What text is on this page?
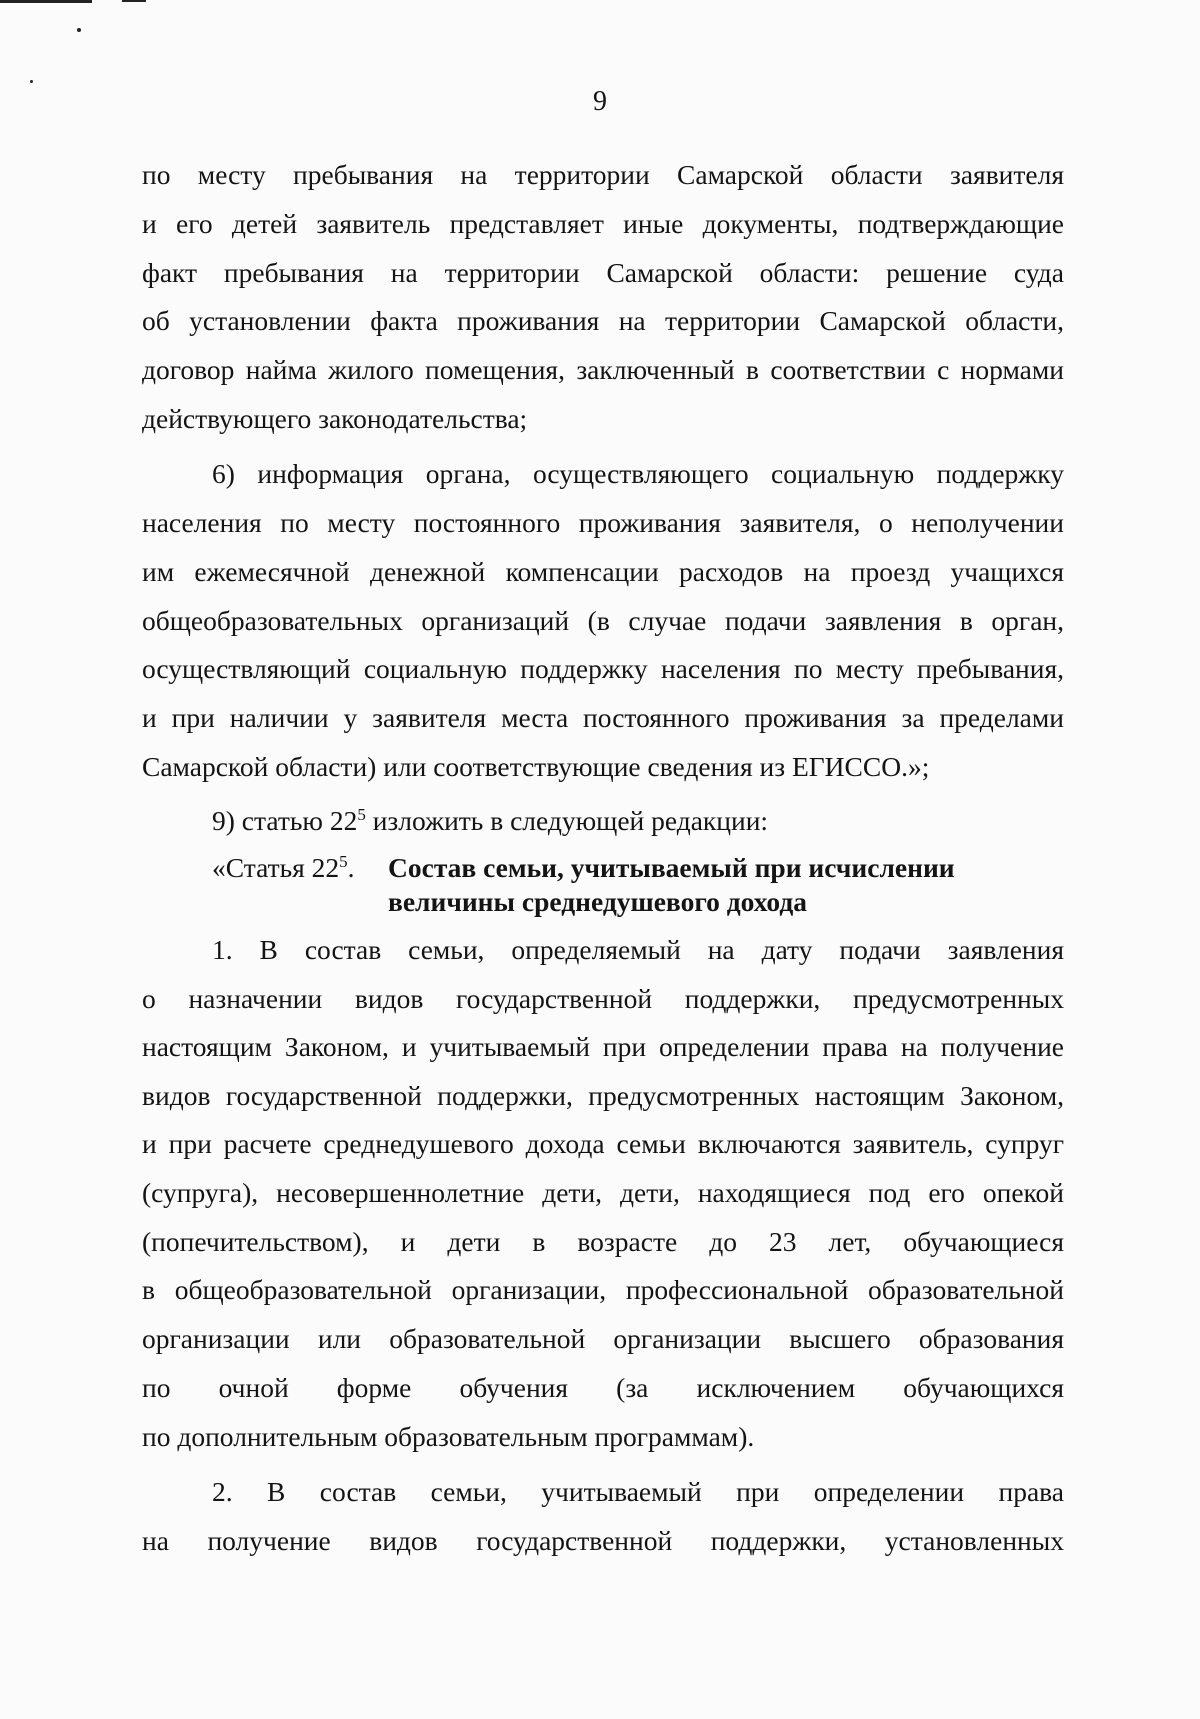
9
по месту пребывания на территории Самарской области заявителя
и его детей заявитель представляет иные документы, подтверждающие
факт пребывания на территории Самарской области: решение суда
об установлении факта проживания на территории Самарской области,
договор найма жилого помещения, заключенный в соответствии с нормами
действующего законодательства;
6) информация органа, осуществляющего социальную поддержку
населения по месту постоянного проживания заявителя, о неполучении
им ежемесячной денежной компенсации расходов на проезд учащихся
общеобразовательных организаций (в случае подачи заявления в орган,
осуществляющий социальную поддержку населения по месту пребывания,
и при наличии у заявителя места постоянного проживания за пределами
Самарской области) или соответствующие сведения из ЕГИССО.»;
9) статью $22^5$ изложить в следующей редакции:
«Статья $22^5$. Состав семьи, учитываемый при исчислении
величины среднедушевого дохода
1. В состав семьи, определяемый на дату подачи заявления
о назначении видов государственной поддержки, предусмотренных
настоящим Законом, и учитываемый при определении права на получение
видов государственной поддержки, предусмотренных настоящим Законом,
и при расчете среднедушевого дохода семьи включаются заявитель, супруг
(супруга), несовершеннолетние дети, дети, находящиеся под его опекой
(попечительством), и дети в возрасте до 23 лет, обучающиеся
в общеобразовательной организации, профессиональной образовательной
организации или образовательной организации высшего образования
по очной форме обучения (за исключением обучающихся
по дополнительным образовательным программам).
2. В состав семьи, учитываемый при определении права
на получение видов государственной поддержки, установленных
